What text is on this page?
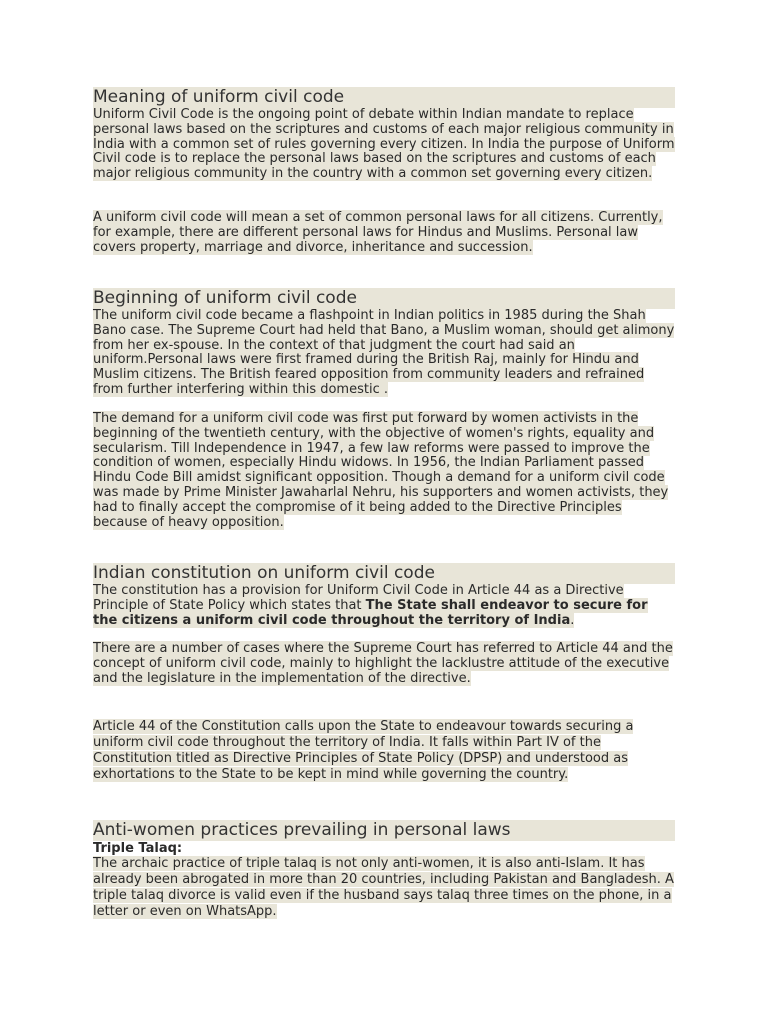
Meaning of uniform civil code

Uniform Civil Code is the ongoing point of debate within Indian mandate to replace personal laws based on the scriptures and customs of each major religious community in India with a common set of rules governing every citizen. In India the purpose of Uniform Civil code is to replace the personal laws based on the scriptures and customs of each major religious community in the country with a common set governing every citizen.

A uniform civil code will mean a set of common personal laws for all citizens. Currently, for example, there are different personal laws for Hindus and Muslims. Personal law covers property, marriage and divorce, inheritance and succession.

Beginning of uniform civil code

The uniform civil code became a flashpoint in Indian politics in 1985 during the Shah Bano case. The Supreme Court had held that Bano, a Muslim woman, should get alimony from her ex-spouse. In the context of that judgment the court had said an uniform.Personal laws were first framed during the British Raj, mainly for Hindu and Muslim citizens. The British feared opposition from community leaders and refrained from further interfering within this domestic .

The demand for a uniform civil code was first put forward by women activists in the beginning of the twentieth century, with the objective of women's rights, equality and secularism. Till Independence in 1947, a few law reforms were passed to improve the condition of women, especially Hindu widows. In 1956, the Indian Parliament passed Hindu Code Bill amidst significant opposition. Though a demand for a uniform civil code was made by Prime Minister Jawaharlal Nehru, his supporters and women activists, they had to finally accept the compromise of it being added to the Directive Principles because of heavy opposition.

Indian constitution on uniform civil code

The constitution has a provision for Uniform Civil Code in Article 44 as a Directive Principle of State Policy which states that The State shall endeavor to secure for the citizens a uniform civil code throughout the territory of India.

There are a number of cases where the Supreme Court has referred to Article 44 and the concept of uniform civil code, mainly to highlight the lacklustre attitude of the executive and the legislature in the implementation of the directive.

Article 44 of the Constitution calls upon the State to endeavour towards securing a uniform civil code throughout the territory of India. It falls within Part IV of the Constitution titled as Directive Principles of State Policy (DPSP) and understood as exhortations to the State to be kept in mind while governing the country.

Anti-women practices prevailing in personal laws

Triple Talaq:

The archaic practice of triple talaq is not only anti-women, it is also anti-Islam. It has already been abrogated in more than 20 countries, including Pakistan and Bangladesh. A triple talaq divorce is valid even if the husband says talaq three times on the phone, in a letter or even on WhatsApp.
